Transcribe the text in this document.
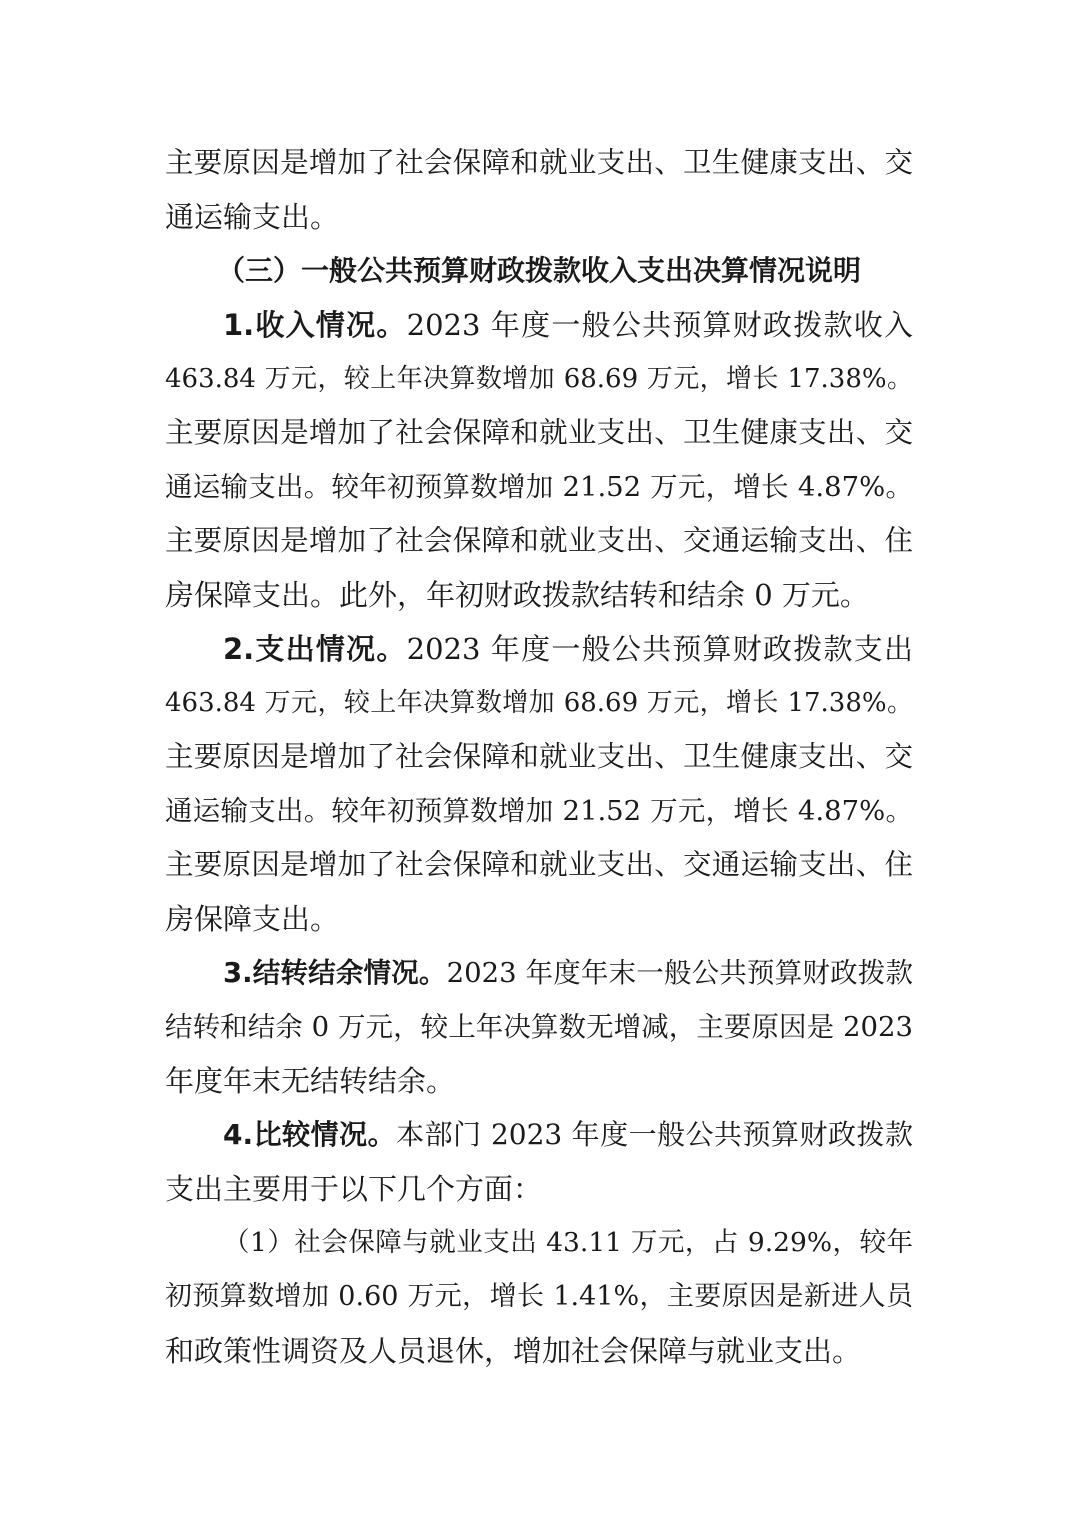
主要原因是增加了社会保障和就业支出、卫生健康支出、交
通运输支出。
（三）一般公共预算财政拨款收入支出决算情况说明
1.收入情况。2023 年度一般公共预算财政拨款收入
463.84 万元，较上年决算数增加 68.69 万元，增长 17.38%。
主要原因是增加了社会保障和就业支出、卫生健康支出、交
通运输支出。较年初预算数增加 21.52 万元，增长 4.87%。
主要原因是增加了社会保障和就业支出、交通运输支出、住
房保障支出。此外，年初财政拨款结转和结余 0 万元。
2.支出情况。2023 年度一般公共预算财政拨款支出
463.84 万元，较上年决算数增加 68.69 万元，增长 17.38%。
主要原因是增加了社会保障和就业支出、卫生健康支出、交
通运输支出。较年初预算数增加 21.52 万元，增长 4.87%。
主要原因是增加了社会保障和就业支出、交通运输支出、住
房保障支出。
3.结转结余情况。2023 年度年末一般公共预算财政拨款
结转和结余 0 万元，较上年决算数无增减，主要原因是 2023
年度年末无结转结余。
4.比较情况。本部门 2023 年度一般公共预算财政拨款
支出主要用于以下几个方面：
（1）社会保障与就业支出 43.11 万元，占 9.29%，较年
初预算数增加 0.60 万元，增长 1.41%，主要原因是新进人员
和政策性调资及人员退休，增加社会保障与就业支出。
